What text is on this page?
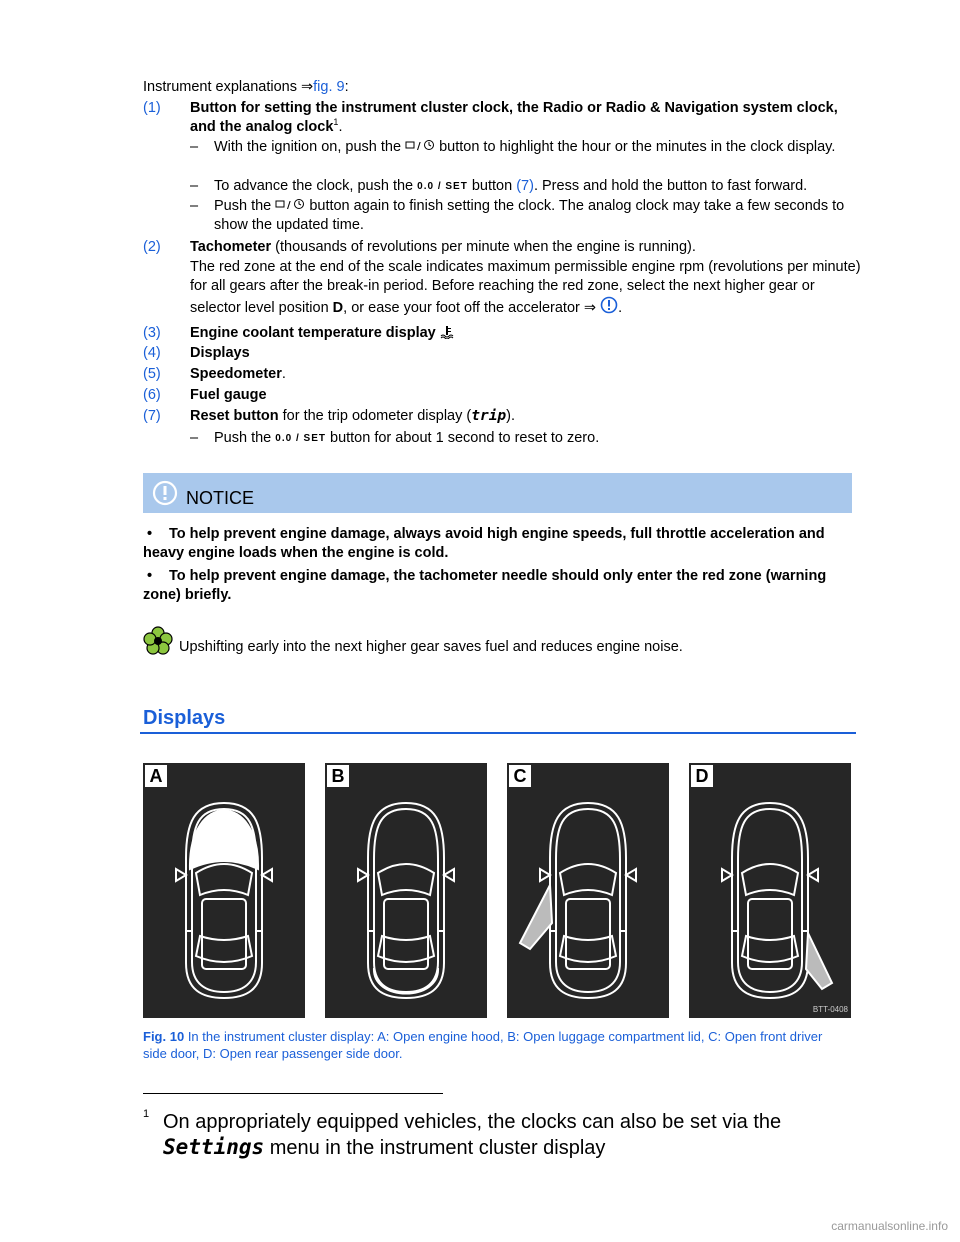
Instrument explanations ⇒fig. 9:
(1) Button for setting the instrument cluster clock, the Radio or Radio & Navigation system clock, and the analog clock$^1$.
– With the ignition on, push the / button to highlight the hour or the minutes in the clock display.
– To advance the clock, push the 0.0 / SET button (7). Press and hold the button to fast forward.
– Push the / button again to finish setting the clock. The analog clock may take a few seconds to show the updated time.
(2) Tachometer (thousands of revolutions per minute when the engine is running).
The red zone at the end of the scale indicates maximum permissible engine rpm (revolutions per minute) for all gears after the break-in period. Before reaching the red zone, select the next higher gear or selector level position D, or ease your foot off the accelerator ⇒ .
(3) Engine coolant temperature display
(4) Displays
(5) Speedometer.
(6) Fuel gauge
(7) Reset button for the trip odometer display (trip).
– Push the 0.0 / SET button for about 1 second to reset to zero.
NOTICE
• To help prevent engine damage, always avoid high engine speeds, full throttle acceleration and heavy engine loads when the engine is cold.
• To help prevent engine damage, the tachometer needle should only enter the red zone (warning zone) briefly.
Upshifting early into the next higher gear saves fuel and reduces engine noise.
Displays
A	B	C	D
BTT-0408
Fig. 10 In the instrument cluster display: A: Open engine hood, B: Open luggage compartment lid, C: Open front driver side door, D: Open rear passenger side door.
1 On appropriately equipped vehicles, the clocks can also be set via the
Settings menu in the instrument cluster display
carmanualsonline.info
